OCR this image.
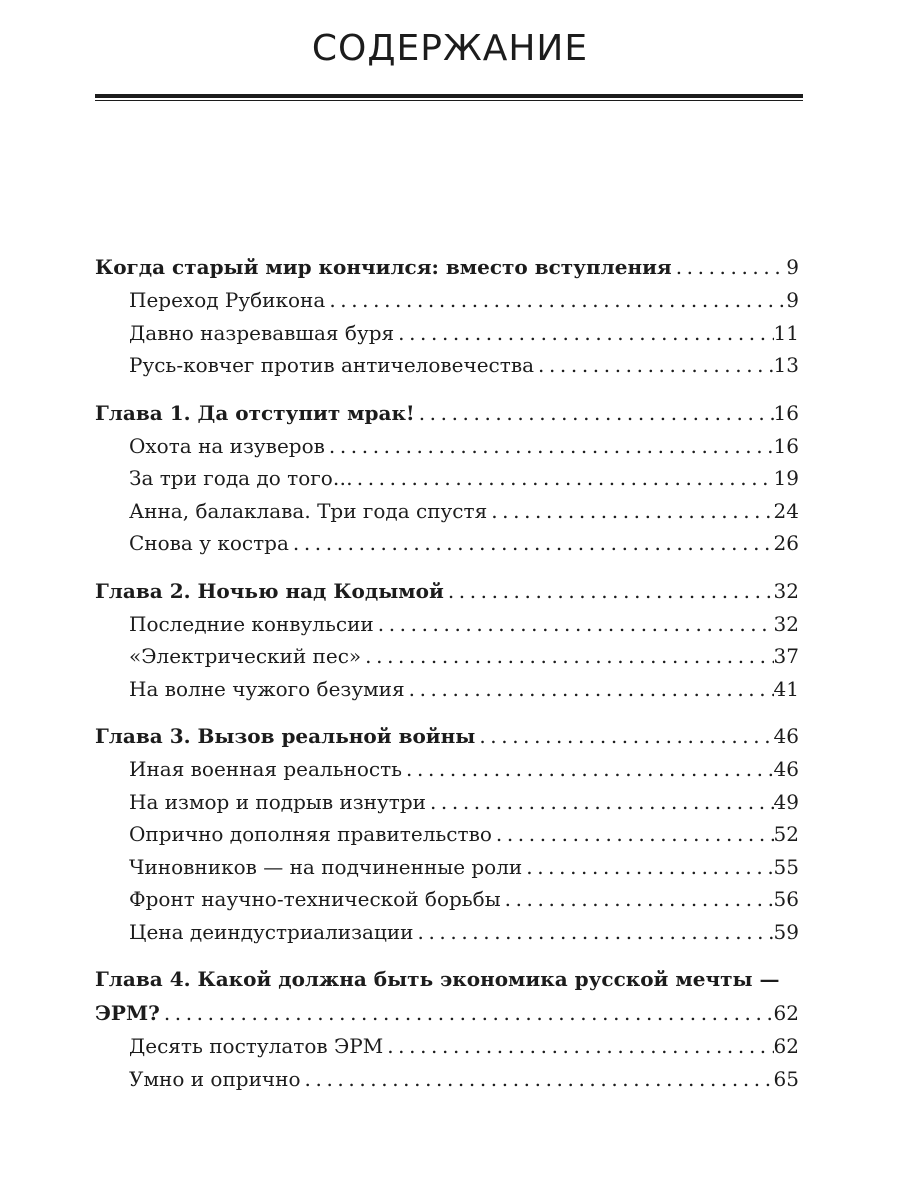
СОДЕРЖАНИЕ
Когда старый мир кончился: вместо вступления .....	9
Переход Рубикона .....	9
Давно назревавшая буря .....	11
Русь-ковчег против античеловечества .....	13
Глава 1. Да отступит мрак! .....	16
Охота на изуверов .....	16
За три года до того… .....	19
Анна, балаклава. Три года спустя .....	24
Снова у костра .....	26
Глава 2. Ночью над Кодымой .....	32
Последние конвульсии .....	32
«Электрический пес» .....	37
На волне чужого безумия .....	41
Глава 3. Вызов реальной войны .....	46
Иная военная реальность .....	46
На измор и подрыв изнутри .....	49
Опрично дополняя правительство .....	52
Чиновников — на подчиненные роли .....	55
Фронт научно-технической борьбы .....	56
Цена деиндустриализации .....	59
Глава 4. Какой должна быть экономика русской мечты —
ЭРМ? .....	62
Десять постулатов ЭРМ .....	62
Умно и опрично .....	65
